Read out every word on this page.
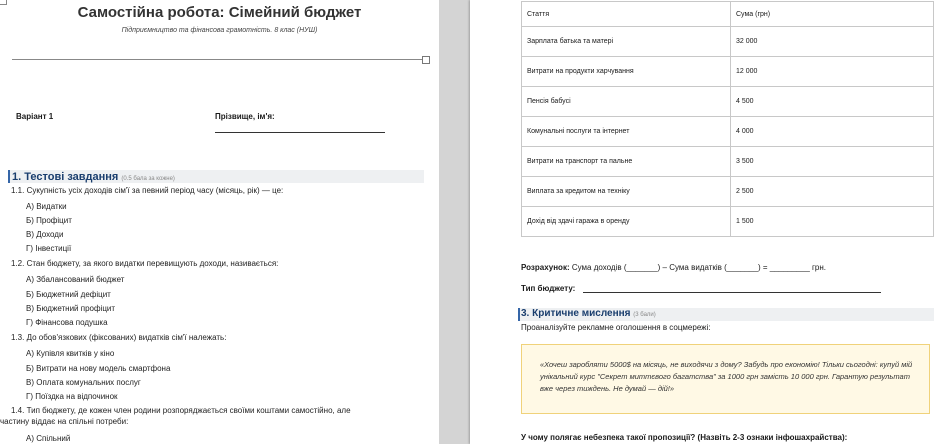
Самостійна робота: Сімейний бюджет
Підприємництво та фінансова грамотність. 8 клас (НУШ)
Варіант 1	Прізвище, ім'я:
1. Тестові завдання (0.5 бала за кожне)
1.1. Сукупність усіх доходів сім'ї за певний період часу (місяць, рік) — це:
А) Видатки
Б) Профіцит
В) Доходи
Г) Інвестиції
1.2. Стан бюджету, за якого видатки перевищують доходи, називається:
А) Збалансований бюджет
Б) Бюджетний дефіцит
В) Бюджетний профіцит
Г) Фінансова подушка
1.3. До обов'язкових (фіксованих) видатків сім'ї належать:
А) Купівля квитків у кіно
Б) Витрати на нову модель смартфона
В) Оплата комунальних послуг
Г) Поїздка на відпочинок
1.4. Тип бюджету, де кожен член родини розпоряджається своїми коштами самостійно, але
частину віддає на спільні потреби:
А) Спільний
Стаття	Сума (грн)
Зарплата батька та матері	32 000
Витрати на продукти харчування	12 000
Пенсія бабусі	4 500
Комунальні послуги та інтернет	4 000
Витрати на транспорт та пальне	3 500
Виплата за кредитом на техніку	2 500
Дохід від здачі гаража в оренду	1 500
Розрахунок: Сума доходів (_______) – Сума видатків (_______) = _________ грн.
Тип бюджету:
3. Критичне мислення (3 бали)
Проаналізуйте рекламне оголошення в соцмережі:
«Хочеш заробляти 5000$ на місяць, не виходячи з дому? Забудь про економію! Тільки сьогодні: купуй мій унікальний курс "Секрет миттєвого багатства" за 1000 грн замість 10 000 грн. Гарантую результат вже через тиждень. Не думай — дій!»
У чому полягає небезпека такої пропозиції? (Назвіть 2-3 ознаки інфошахрайства):
